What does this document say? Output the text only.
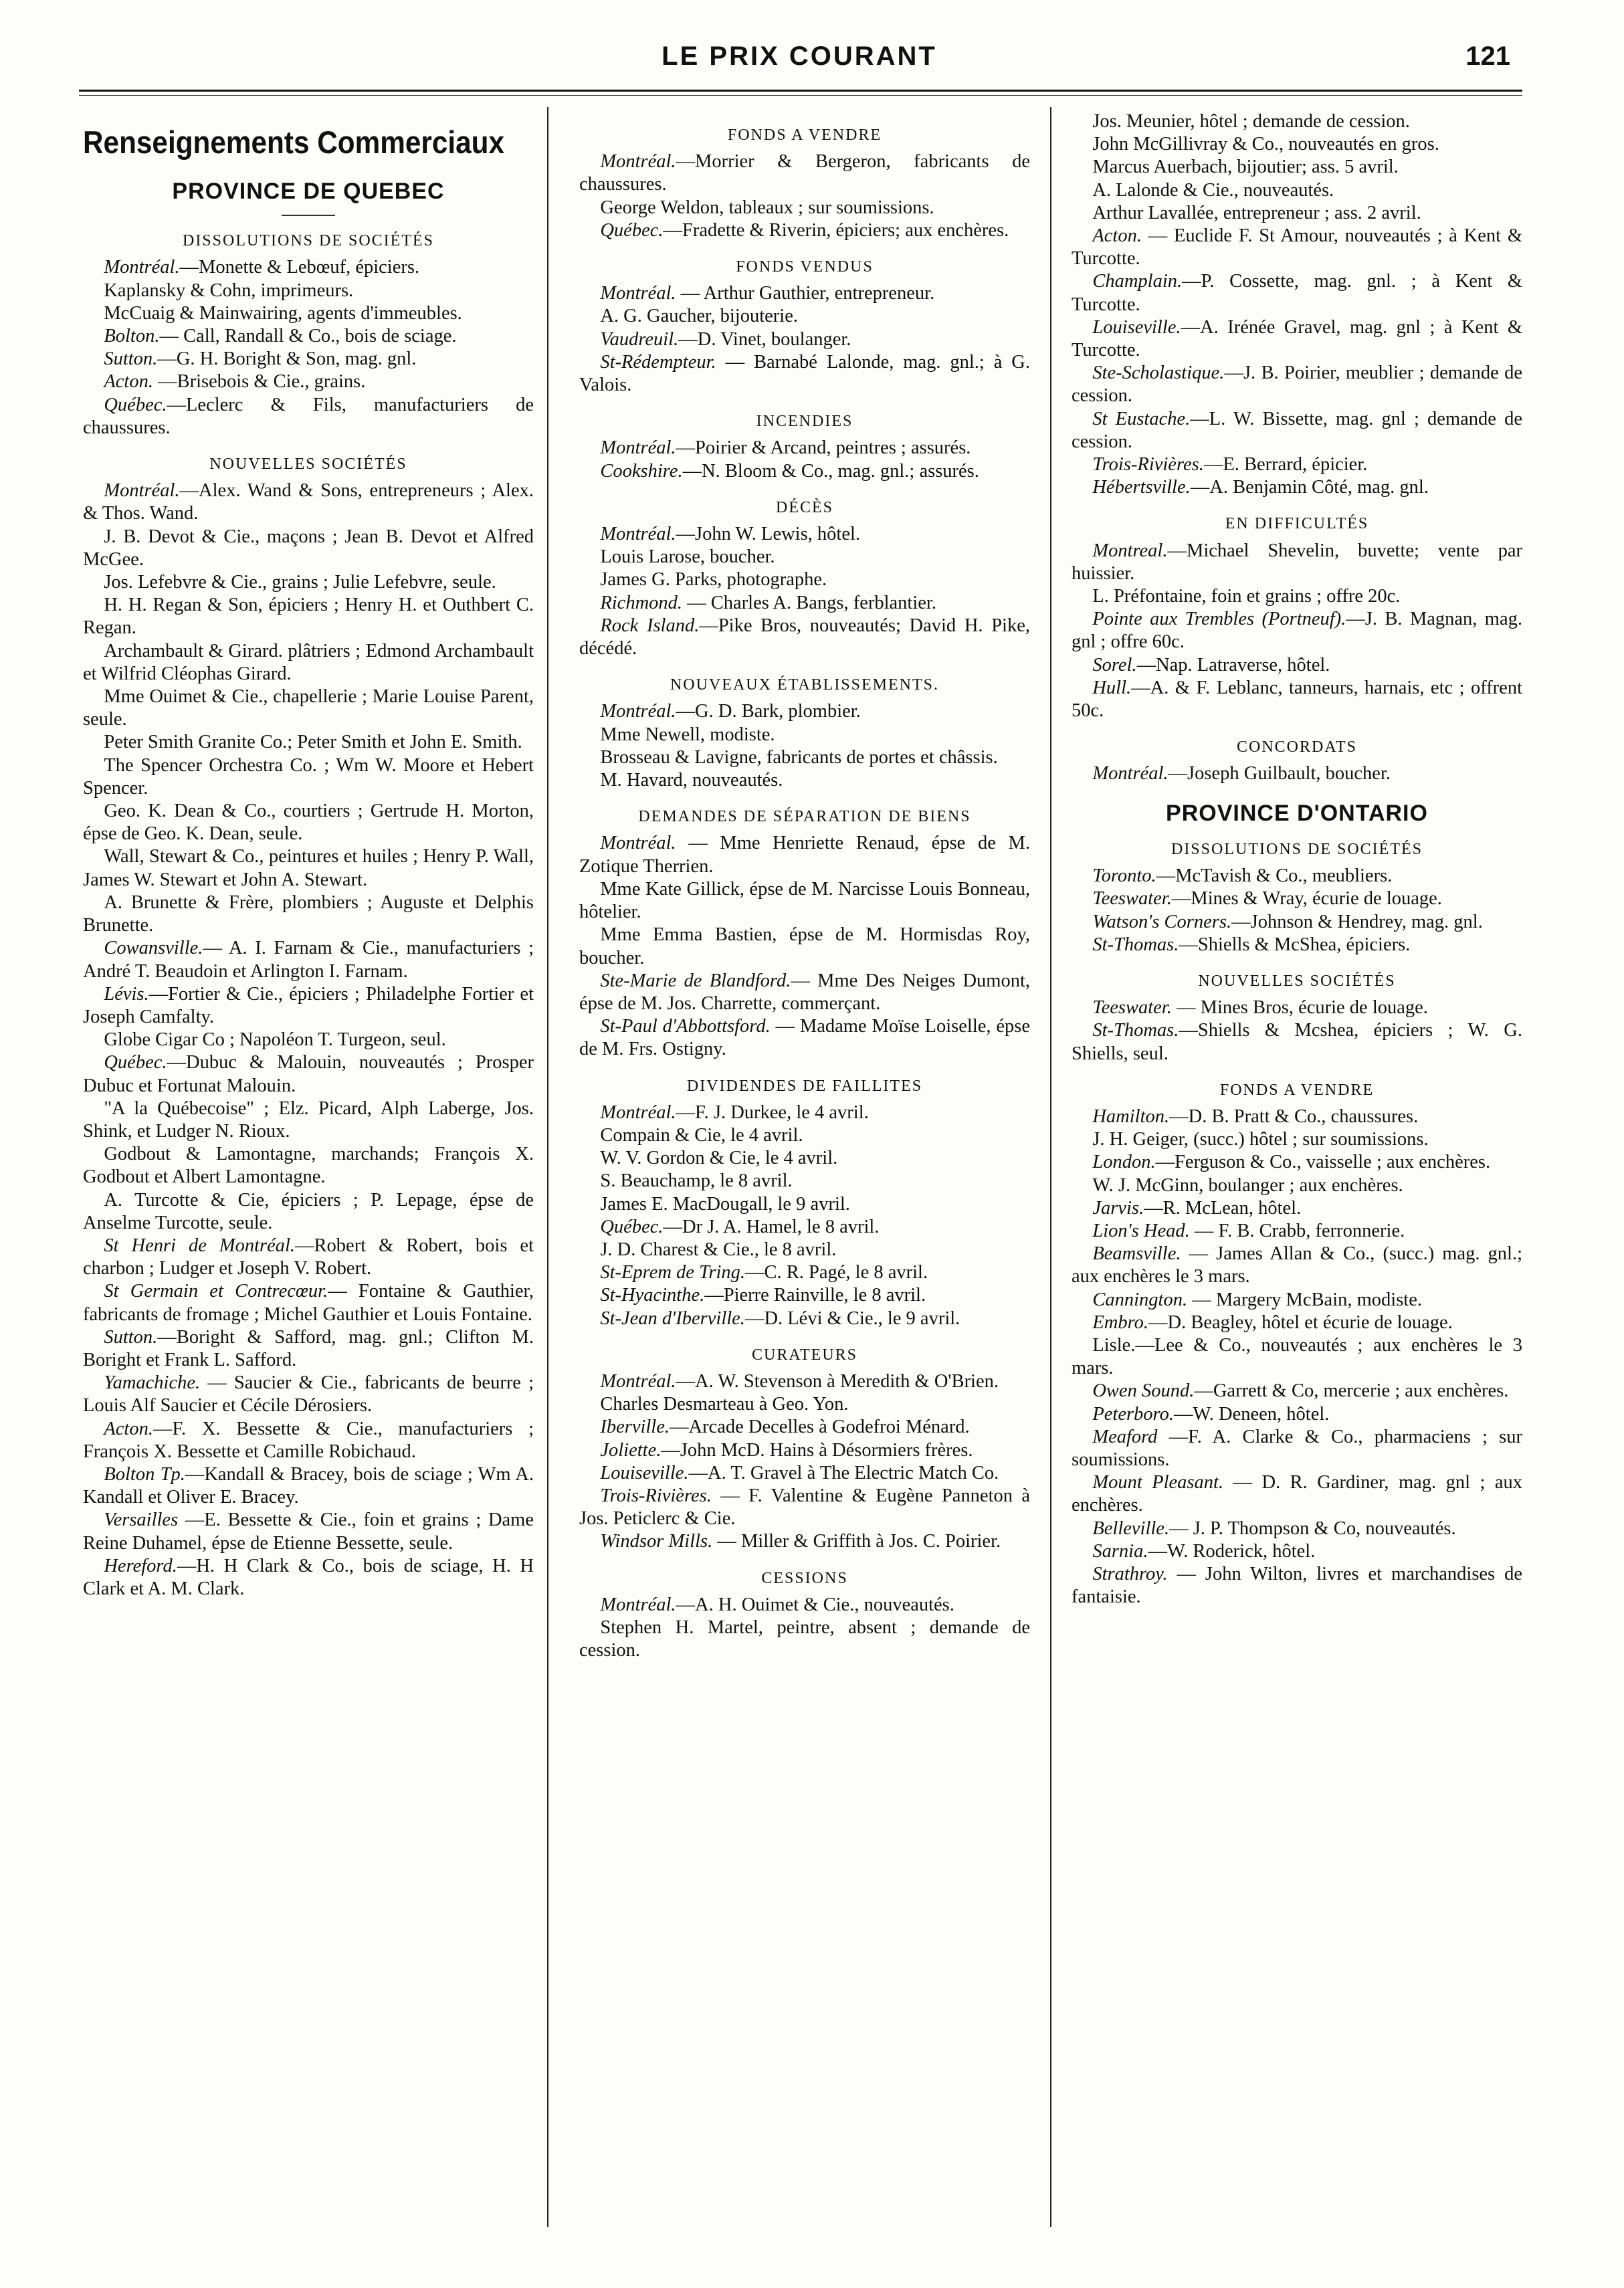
LE PRIX COURANT	121
Renseignements Commerciaux
PROVINCE DE QUEBEC
DISSOLUTIONS DE SOCIÉTÉS

Montréal.—Monette & Lebœuf, épiciers.

Kaplansky & Cohn, imprimeurs.

McCuaig & Mainwairing, agents d'immeubles.

Bolton.— Call, Randall & Co., bois de sciage.

Sutton.—G. H. Boright & Son, mag. gnl.

Acton. —Brisebois & Cie., grains.

Québec.—Leclerc & Fils, manufacturiers de chaussures.

NOUVELLES SOCIÉTÉS

Montréal.—Alex. Wand & Sons, entrepreneurs ; Alex. & Thos. Wand.

J. B. Devot & Cie., maçons ; Jean B. Devot et Alfred McGee.

Jos. Lefebvre & Cie., grains ; Julie Lefebvre, seule.

H. H. Regan & Son, épiciers ; Henry H. et Outhbert C. Regan.

Archambault & Girard. plâtriers ; Edmond Archambault et Wilfrid Cléophas Girard.

Mme Ouimet & Cie., chapellerie ; Marie Louise Parent, seule.

Peter Smith Granite Co.; Peter Smith et John E. Smith.

The Spencer Orchestra Co. ; Wm W. Moore et Hebert Spencer.

Geo. K. Dean & Co., courtiers ; Gertrude H. Morton, épse de Geo. K. Dean, seule.

Wall, Stewart & Co., peintures et huiles ; Henry P. Wall, James W. Stewart et John A. Stewart.

A. Brunette & Frère, plombiers ; Auguste et Delphis Brunette.

Cowansville.— A. I. Farnam & Cie., manufacturiers ; André T. Beaudoin et Arlington I. Farnam.

Lévis.—Fortier & Cie., épiciers ; Philadelphe Fortier et Joseph Camfalty.

Globe Cigar Co ; Napoléon T. Turgeon, seul.

Québec.—Dubuc & Malouin, nouveautés ; Prosper Dubuc et Fortunat Malouin.

"A la Québecoise" ; Elz. Picard, Alph Laberge, Jos. Shink, et Ludger N. Rioux.

Godbout & Lamontagne, marchands; François X. Godbout et Albert Lamontagne.

A. Turcotte & Cie, épiciers ; P. Lepage, épse de Anselme Turcotte, seule.

St Henri de Montréal.—Robert & Robert, bois et charbon ; Ludger et Joseph V. Robert.

St Germain et Contrecœur.— Fontaine & Gauthier, fabricants de fromage ; Michel Gauthier et Louis Fontaine.

Sutton.—Boright & Safford, mag. gnl.; Clifton M. Boright et Frank L. Safford.

Yamachiche. — Saucier & Cie., fabricants de beurre ; Louis Alf Saucier et Cécile Dérosiers.

Acton.—F. X. Bessette & Cie., manufacturiers ; François X. Bessette et Camille Robichaud.

Bolton Tp.—Kandall & Bracey, bois de sciage ; Wm A. Kandall et Oliver E. Bracey.

Versailles —E. Bessette & Cie., foin et grains ; Dame Reine Duhamel, épse de Etienne Bessette, seule.

Hereford.—H. H Clark & Co., bois de sciage, H. H Clark et A. M. Clark.

FONDS A VENDRE

Montréal.—Morrier & Bergeron, fabricants de chaussures.

George Weldon, tableaux ; sur soumissions.

Québec.—Fradette & Riverin, épiciers; aux enchères.

FONDS VENDUS

Montréal. — Arthur Gauthier, entrepreneur.

A. G. Gaucher, bijouterie.

Vaudreuil.—D. Vinet, boulanger.

St-Rédempteur. — Barnabé Lalonde, mag. gnl.; à G. Valois.

INCENDIES

Montréal.—Poirier & Arcand, peintres ; assurés.

Cookshire.—N. Bloom & Co., mag. gnl.; assurés.

DÉCÈS

Montréal.—John W. Lewis, hôtel.

Louis Larose, boucher.

James G. Parks, photographe.

Richmond. — Charles A. Bangs, ferblantier.

Rock Island.—Pike Bros, nouveautés; David H. Pike, décédé.

NOUVEAUX ÉTABLISSEMENTS.

Montréal.—G. D. Bark, plombier.

Mme Newell, modiste.

Brosseau & Lavigne, fabricants de portes et châssis.

M. Havard, nouveautés.

DEMANDES DE SÉPARATION DE BIENS

Montréal. — Mme Henriette Renaud, épse de M. Zotique Therrien.

Mme Kate Gillick, épse de M. Narcisse Louis Bonneau, hôtelier.

Mme Emma Bastien, épse de M. Hormisdas Roy, boucher.

Ste-Marie de Blandford.— Mme Des Neiges Dumont, épse de M. Jos. Charrette, commerçant.

St-Paul d'Abbottsford. — Madame Moïse Loiselle, épse de M. Frs. Ostigny.

DIVIDENDES DE FAILLITES

Montréal.—F. J. Durkee, le 4 avril.

Compain & Cie, le 4 avril.

W. V. Gordon & Cie, le 4 avril.

S. Beauchamp, le 8 avril.

James E. MacDougall, le 9 avril.

Québec.—Dr J. A. Hamel, le 8 avril.

J. D. Charest & Cie., le 8 avril.

St-Eprem de Tring.—C. R. Pagé, le 8 avril.

St-Hyacinthe.—Pierre Rainville, le 8 avril.

St-Jean d'Iberville.—D. Lévi & Cie., le 9 avril.

CURATEURS

Montréal.—A. W. Stevenson à Meredith & O'Brien.

Charles Desmarteau à Geo. Yon.

Iberville.—Arcade Decelles à Godefroi Ménard.

Joliette.—John McD. Hains à Désormiers frères.

Louiseville.—A. T. Gravel à The Electric Match Co.

Trois-Rivières. — F. Valentine & Eugène Panneton à Jos. Peticlerc & Cie.

Windsor Mills. — Miller & Griffith à Jos. C. Poirier.

CESSIONS

Montréal.—A. H. Ouimet & Cie., nouveautés.

Stephen H. Martel, peintre, absent ; demande de cession.

Jos. Meunier, hôtel ; demande de cession.

John McGillivray & Co., nouveautés en gros.

Marcus Auerbach, bijoutier; ass. 5 avril.

A. Lalonde & Cie., nouveautés.

Arthur Lavallée, entrepreneur ; ass. 2 avril.

Acton. — Euclide F. St Amour, nouveautés ; à Kent & Turcotte.

Champlain.—P. Cossette, mag. gnl. ; à Kent & Turcotte.

Louiseville.—A. Irénée Gravel, mag. gnl ; à Kent & Turcotte.

Ste-Scholastique.—J. B. Poirier, meublier ; demande de cession.

St Eustache.—L. W. Bissette, mag. gnl ; demande de cession.

Trois-Rivières.—E. Berrard, épicier.

Hébertsville.—A. Benjamin Côté, mag. gnl.

EN DIFFICULTÉS

Montreal.—Michael Shevelin, buvette; vente par huissier.

L. Préfontaine, foin et grains ; offre 20c.

Pointe aux Trembles (Portneuf).—J. B. Magnan, mag. gnl ; offre 60c.

Sorel.—Nap. Latraverse, hôtel.

Hull.—A. & F. Leblanc, tanneurs, harnais, etc ; offrent 50c.

CONCORDATS

Montréal.—Joseph Guilbault, boucher.

PROVINCE D'ONTARIO
DISSOLUTIONS DE SOCIÉTÉS

Toronto.—McTavish & Co., meubliers.

Teeswater.—Mines & Wray, écurie de louage.

Watson's Corners.—Johnson & Hendrey, mag. gnl.

St-Thomas.—Shiells & McShea, épiciers.

NOUVELLES SOCIÉTÉS

Teeswater. — Mines Bros, écurie de louage.

St-Thomas.—Shiells & Mcshea, épiciers ; W. G. Shiells, seul.

FONDS A VENDRE

Hamilton.—D. B. Pratt & Co., chaussures.

J. H. Geiger, (succ.) hôtel ; sur soumissions.

London.—Ferguson & Co., vaisselle ; aux enchères.

W. J. McGinn, boulanger ; aux enchères.

Jarvis.—R. McLean, hôtel.

Lion's Head. — F. B. Crabb, ferronnerie.

Beamsville. — James Allan & Co., (succ.) mag. gnl.; aux enchères le 3 mars.

Cannington. — Margery McBain, modiste.

Embro.—D. Beagley, hôtel et écurie de louage.

Lisle.—Lee & Co., nouveautés ; aux enchères le 3 mars.

Owen Sound.—Garrett & Co, mercerie ; aux enchères.

Peterboro.—W. Deneen, hôtel.

Meaford —F. A. Clarke & Co., pharmaciens ; sur soumissions.

Mount Pleasant. — D. R. Gardiner, mag. gnl ; aux enchères.

Belleville.— J. P. Thompson & Co, nouveautés.

Sarnia.—W. Roderick, hôtel.

Strathroy. — John Wilton, livres et marchandises de fantaisie.
